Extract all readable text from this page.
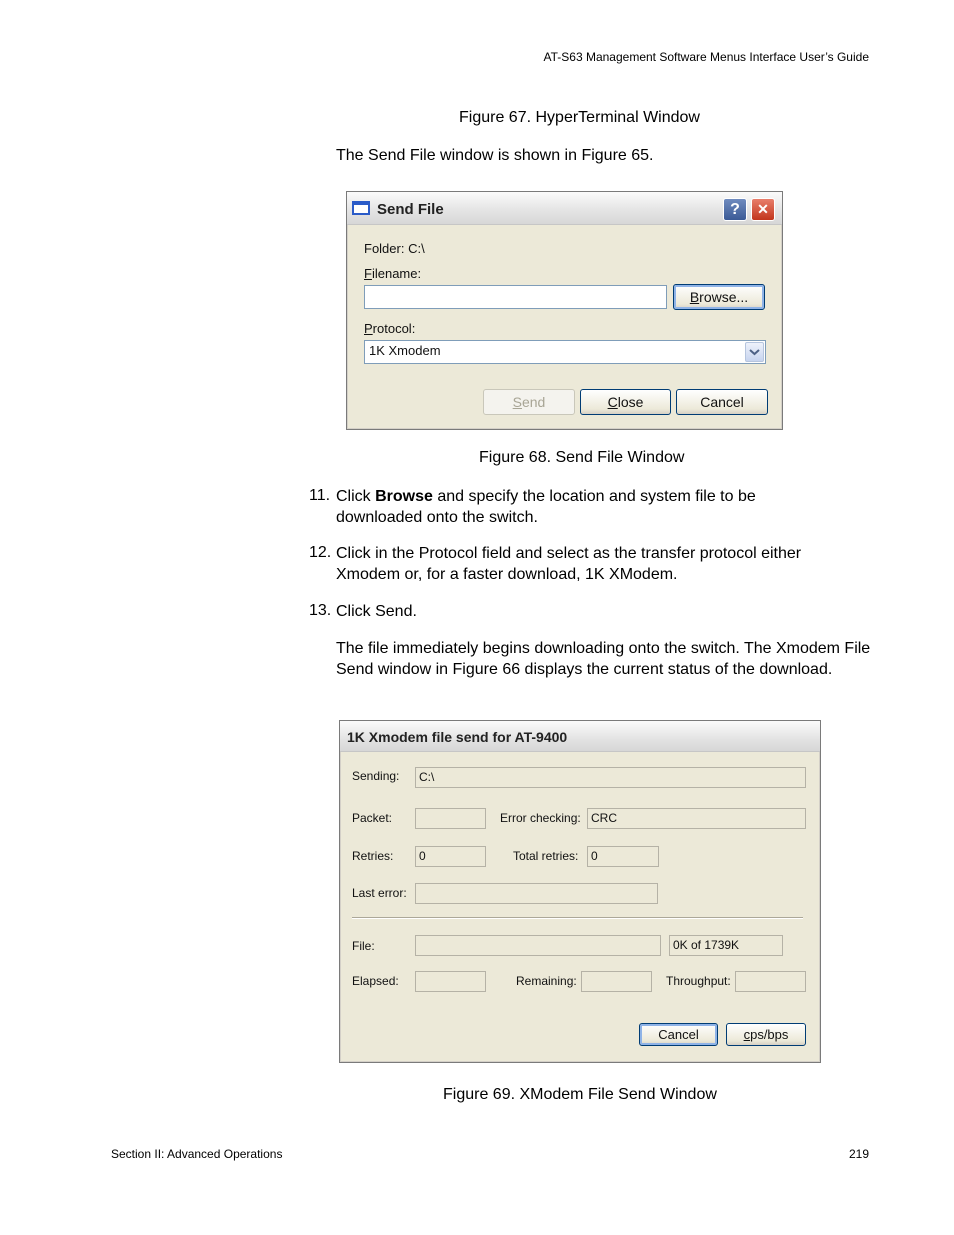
AT-S63 Management Software Menus Interface User’s Guide
Figure 67. HyperTerminal Window
The Send File window is shown in Figure 65.
Send File	?	✕
Folder: C:\
Filename:
Browse...
Protocol:
1K Xmodem
Send	Close	Cancel
Figure 68. Send File Window
11. Click Browse and specify the location and system file to be downloaded onto the switch.
12. Click in the Protocol field and select as the transfer protocol either Xmodem or, for a faster download, 1K XModem.
13. Click Send.
The file immediately begins downloading onto the switch. The Xmodem File Send window in Figure 66 displays the current status of the download.
1K Xmodem file send for AT-9400
Sending:	C:\
Packet:	Error checking: CRC
Retries:	0	Total retries:	0
Last error:
File:	0K of 1739K
Elapsed:	Remaining:	Throughput:
Cancel	cps/bps
Figure 69. XModem File Send Window
Section II: Advanced Operations	219
